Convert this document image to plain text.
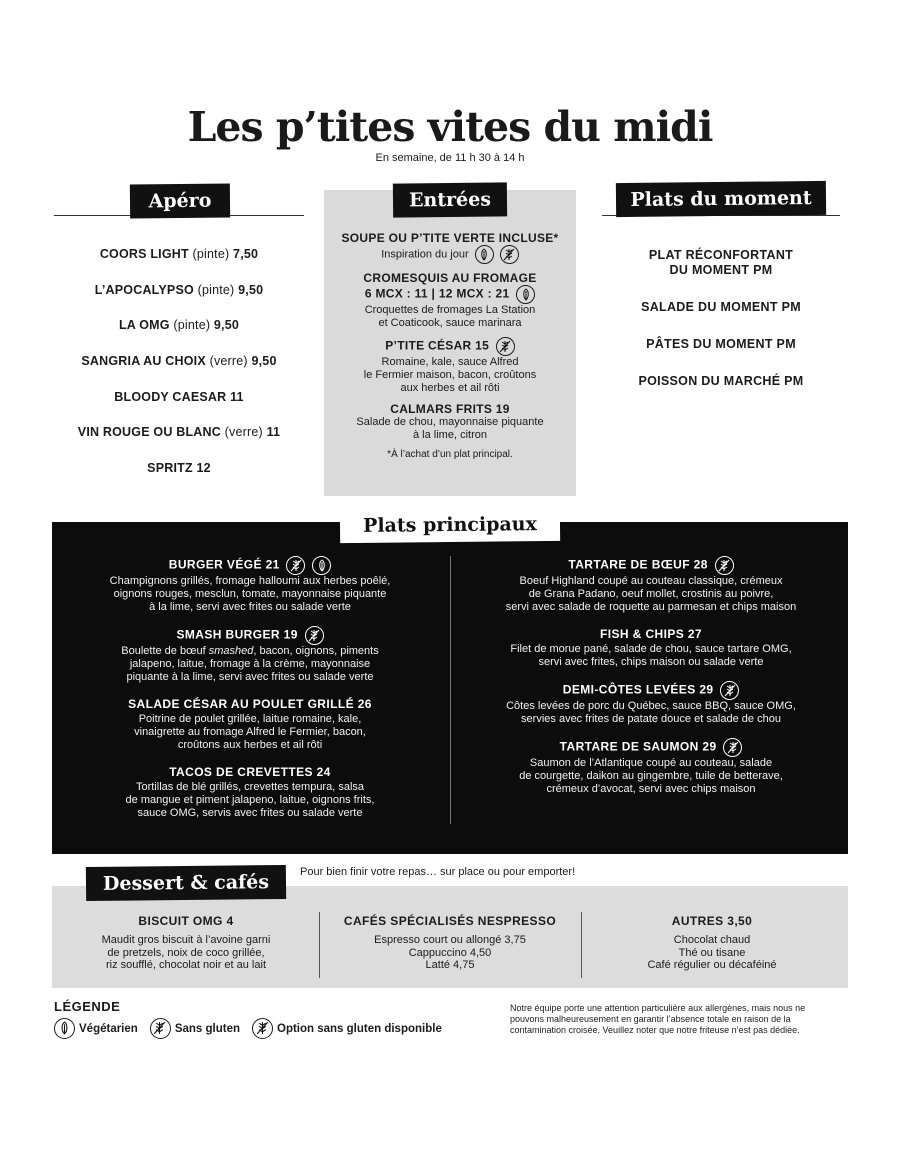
Les p’tites vites du midi
En semaine, de 11 h 30 à 14 h
Apéro
COORS LIGHT (pinte) 7,50
L’APOCALYPSO (pinte) 9,50
LA OMG (pinte) 9,50
SANGRIA AU CHOIX (verre) 9,50
BLOODY CAESAR 11
VIN ROUGE OU BLANC (verre) 11
SPRITZ 12
Entrées
SOUPE OU P’TITE VERTE INCLUSE*
Inspiration du jour

CROMESQUIS AU FROMAGE
6 MCX : 11 | 12 MCX : 21
Croquettes de fromages La Station
et Coaticook, sauce marinara
P’TITE CÉSAR 15
Romaine, kale, sauce Alfred
le Fermier maison, bacon, croûtons
aux herbes et ail rôti
CALMARS FRITS 19
Salade de chou, mayonnaise piquante
à la lime, citron
*À l’achat d’un plat principal.
Plats du moment
PLAT RÉCONFORTANT
DU MOMENT PM
SALADE DU MOMENT PM
PÂTES DU MOMENT PM
POISSON DU MARCHÉ PM
Plats principaux
BURGER VÉGÉ 21

Champignons grillés, fromage halloumi aux herbes poêlé,
oignons rouges, mesclun, tomate, mayonnaise piquante
à la lime, servi avec frites ou salade verte
SMASH BURGER 19
Boulette de bœuf smashed, bacon, oignons, piments
jalapeno, laitue, fromage à la crème, mayonnaise
piquante à la lime, servi avec frites ou salade verte
SALADE CÉSAR AU POULET GRILLÉ 26
Poitrine de poulet grillée, laitue romaine, kale,
vinaigrette au fromage Alfred le Fermier, bacon,
croûtons aux herbes et ail rôti
TACOS DE CREVETTES 24
Tortillas de blé grillés, crevettes tempura, salsa
de mangue et piment jalapeno, laitue, oignons frits,
sauce OMG, servis avec frites ou salade verte
TARTARE DE BŒUF 28
Boeuf Highland coupé au couteau classique, crémeux
de Grana Padano, oeuf mollet, crostinis au poivre,
servi avec salade de roquette au parmesan et chips maison
FISH & CHIPS 27
Filet de morue pané, salade de chou, sauce tartare OMG,
servi avec frites, chips maison ou salade verte
DEMI-CÔTES LEVÉES 29
Côtes levées de porc du Québec, sauce BBQ, sauce OMG,
servies avec frites de patate douce et salade de chou
TARTARE DE SAUMON 29
Saumon de l’Atlantique coupé au couteau, salade
de courgette, daikon au gingembre, tuile de betterave,
crémeux d’avocat, servi avec chips maison
Dessert & cafés	Pour bien finir votre repas… sur place ou pour emporter!
BISCUIT OMG 4
Maudit gros biscuit à l’avoine garni
de pretzels, noix de coco grillée,
riz soufflé, chocolat noir et au lait
CAFÉS SPÉCIALISÉS NESPRESSO
Espresso court ou allongé 3,75
Cappuccino 4,50
Latté 4,75
AUTRES 3,50
Chocolat chaud
Thé ou tisane
Café régulier ou décaféiné
LÉGENDE
Végétarien	Sans gluten	Option sans gluten disponible
Notre équipe porte une attention particulière aux allergènes, mais nous ne pouvons malheureusement en garantir l’absence totale en raison de la contamination croisée. Veuillez noter que notre friteuse n’est pas dédiée.
